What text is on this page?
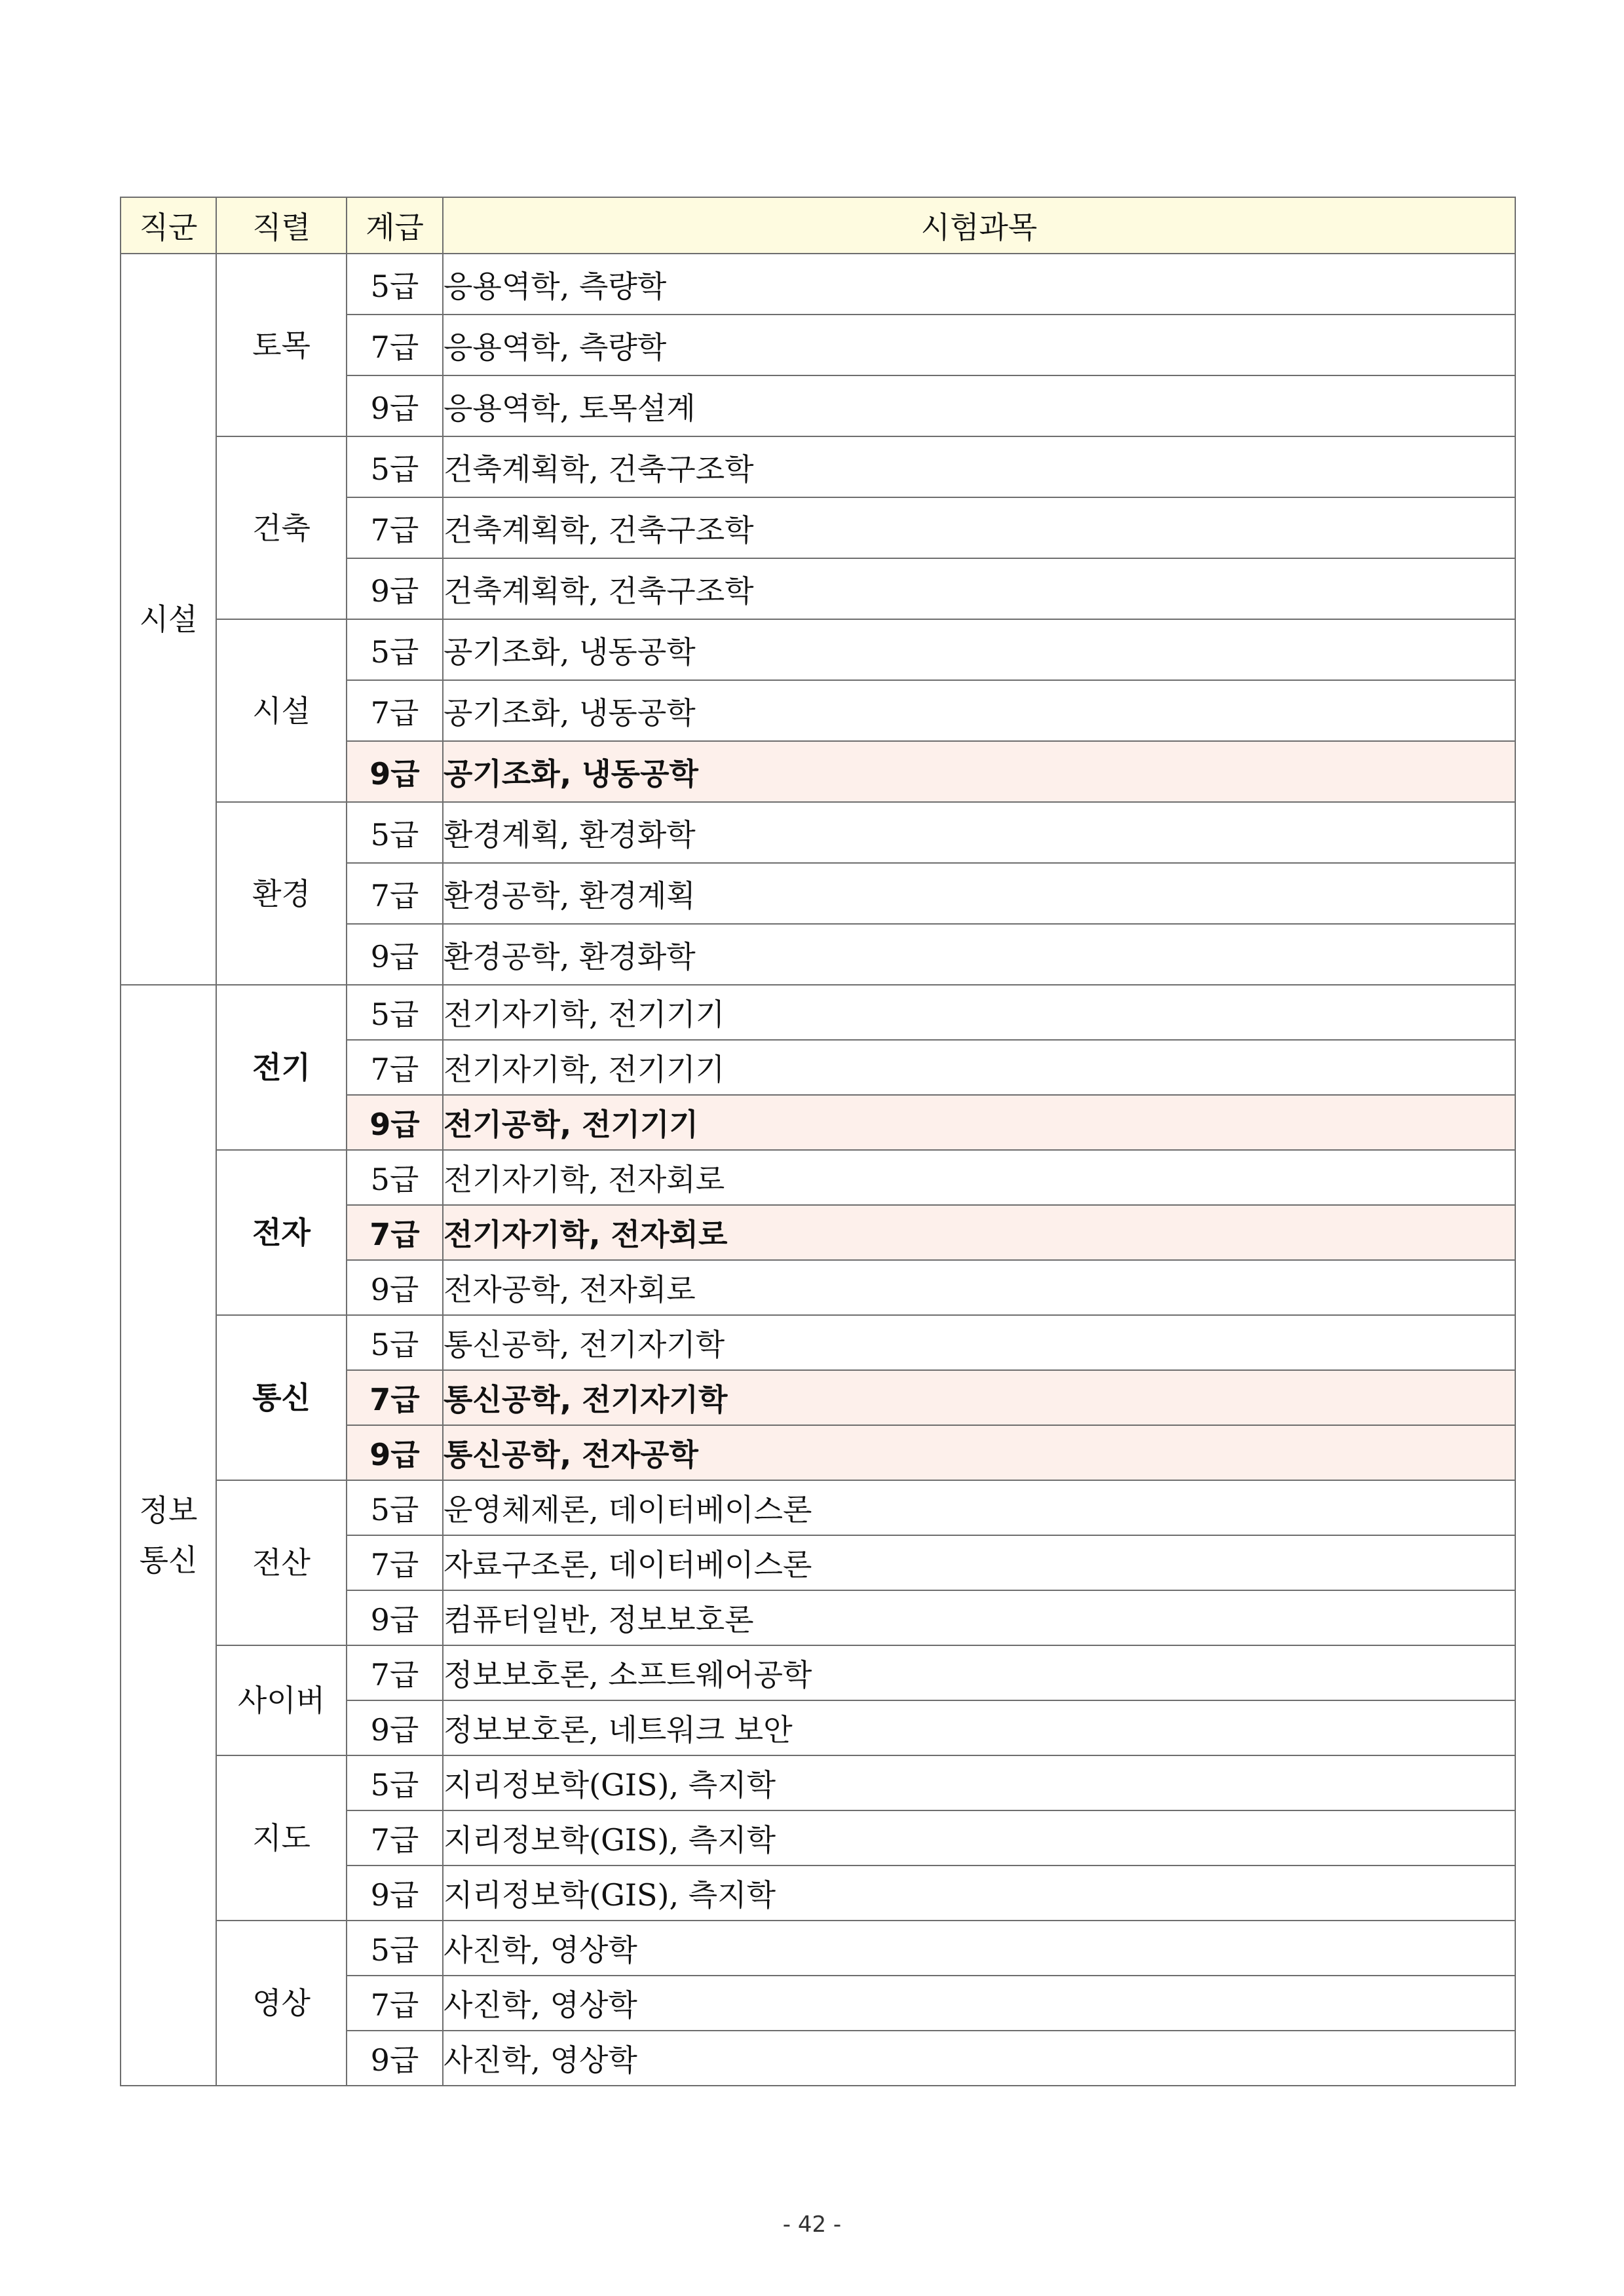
직군	직렬	계급	시험과목

시설	토목	5급	응용역학, 측량학
		7급	응용역학, 측량학
		9급	응용역학, 토목설계
	건축	5급	건축계획학, 건축구조학
		7급	건축계획학, 건축구조학
		9급	건축계획학, 건축구조학
	시설	5급	공기조화, 냉동공학
		7급	공기조화, 냉동공학
		9급	공기조화, 냉동공학
	환경	5급	환경계획, 환경화학
		7급	환경공학, 환경계획
		9급	환경공학, 환경화학

정보
통신	전기	5급	전기자기학, 전기기기
		7급	전기자기학, 전기기기
		9급	전기공학, 전기기기
	전자	5급	전기자기학, 전자회로
		7급	전기자기학, 전자회로
		9급	전자공학, 전자회로
	통신	5급	통신공학, 전기자기학
		7급	통신공학, 전기자기학
		9급	통신공학, 전자공학
	전산	5급	운영체제론, 데이터베이스론
		7급	자료구조론, 데이터베이스론
		9급	컴퓨터일반, 정보보호론
	사이버	7급	정보보호론, 소프트웨어공학
		9급	정보보호론, 네트워크 보안
	지도	5급	지리정보학(GIS), 측지학
		7급	지리정보학(GIS), 측지학
		9급	지리정보학(GIS), 측지학
	영상	5급	사진학, 영상학
		7급	사진학, 영상학
		9급	사진학, 영상학
- 42 -
